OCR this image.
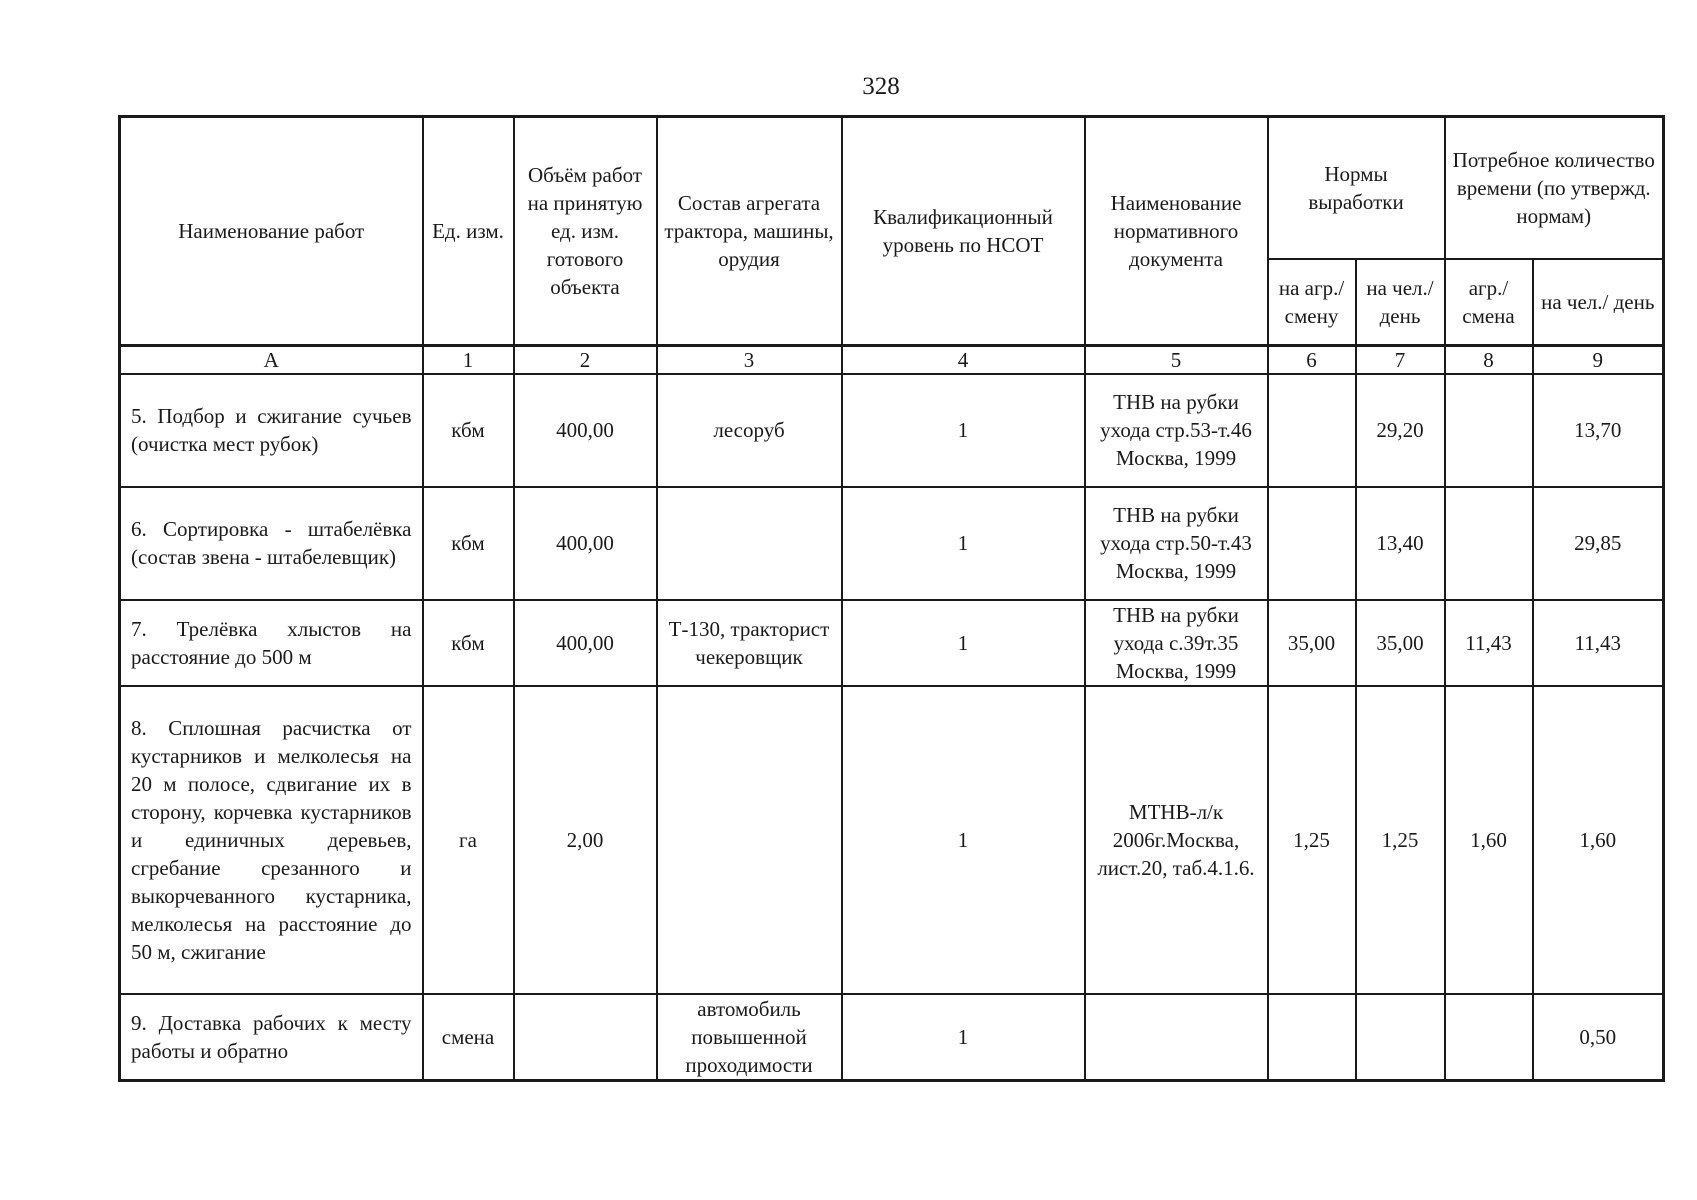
328
Наименование работ	Ед. изм.	Объём работ на принятую ед. изм. готового объекта	Состав агрегата трактора, машины, орудия	Квалификационный уровень по НСОТ	Наименование нормативного документа	Нормы выработки		Потребное количество времени (по утвержд. нормам)	
						на агр./ смену	на чел./ день	агр./ смена	на чел./ день
А	1	2	3	4	5	6	7	8	9
5. Подбор и сжигание сучьев (очистка мест рубок)	кбм	400,00	лесоруб	1	ТНВ на рубки ухода стр.53-т.46 Москва, 1999		29,20		13,70
6. Сортировка - штабелёвка (состав звена - штабелевщик)	кбм	400,00		1	ТНВ на рубки ухода стр.50-т.43 Москва, 1999		13,40		29,85
7. Трелёвка хлыстов на расстояние до 500 м	кбм	400,00	Т-130, тракторист чекеровщик	1	ТНВ на рубки ухода с.39т.35 Москва, 1999	35,00	35,00	11,43	11,43
8. Сплошная расчистка от кустарников и мелколесья на 20 м полосе, сдвигание их в сторону, корчевка кустарников и единичных деревьев, сгребание срезанного и выкорчеванного кустарника, мелколесья на расстояние до 50 м, сжигание	га	2,00		1	МТНВ-л/к 2006г.Москва, лист.20, таб.4.1.6.	1,25	1,25	1,60	1,60
9. Доставка рабочих к месту работы и обратно	смена		автомобиль повышенной проходимости	1					0,50
